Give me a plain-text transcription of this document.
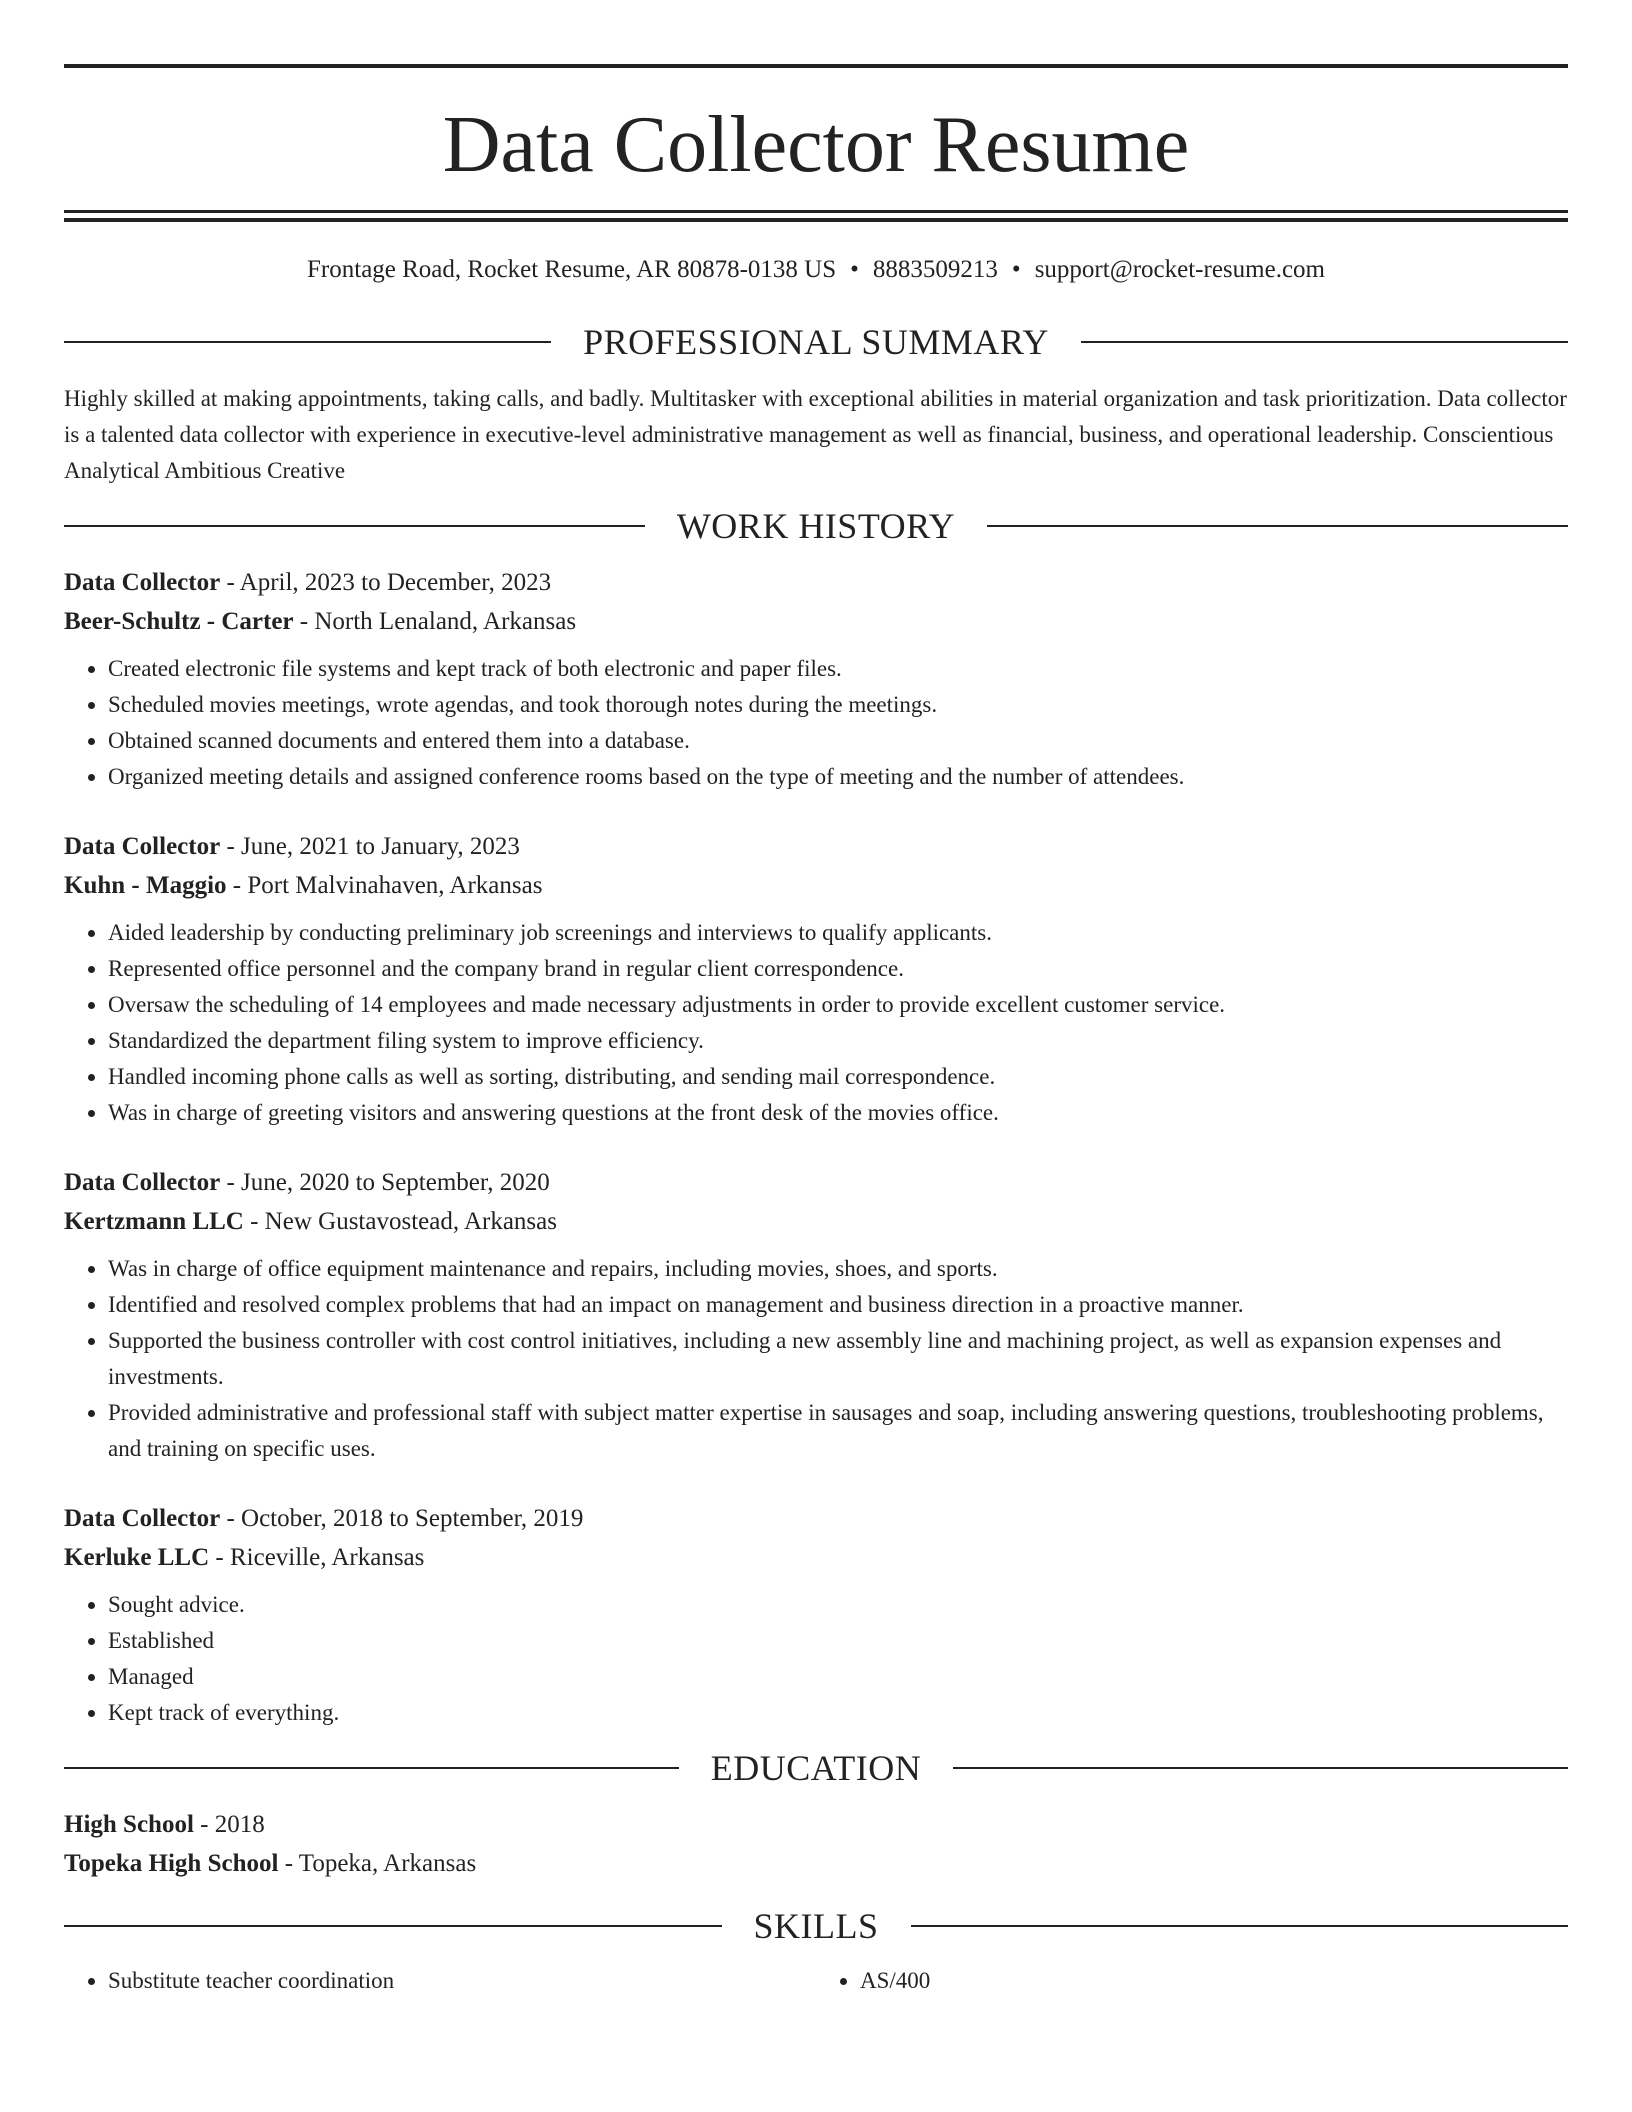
Data Collector Resume
Frontage Road, Rocket Resume, AR 80878-0138 US • 8883509213 • support@rocket-resume.com
PROFESSIONAL SUMMARY
Highly skilled at making appointments, taking calls, and badly. Multitasker with exceptional abilities in material organization and task prioritization. Data collector is a talented data collector with experience in executive-level administrative management as well as financial, business, and operational leadership. Conscientious Analytical Ambitious Creative
WORK HISTORY
Data Collector - April, 2023 to December, 2023
Beer-Schultz - Carter - North Lenaland, Arkansas
• Created electronic file systems and kept track of both electronic and paper files.
• Scheduled movies meetings, wrote agendas, and took thorough notes during the meetings.
• Obtained scanned documents and entered them into a database.
• Organized meeting details and assigned conference rooms based on the type of meeting and the number of attendees.
Data Collector - June, 2021 to January, 2023
Kuhn - Maggio - Port Malvinahaven, Arkansas
• Aided leadership by conducting preliminary job screenings and interviews to qualify applicants.
• Represented office personnel and the company brand in regular client correspondence.
• Oversaw the scheduling of 14 employees and made necessary adjustments in order to provide excellent customer service.
• Standardized the department filing system to improve efficiency.
• Handled incoming phone calls as well as sorting, distributing, and sending mail correspondence.
• Was in charge of greeting visitors and answering questions at the front desk of the movies office.
Data Collector - June, 2020 to September, 2020
Kertzmann LLC - New Gustavostead, Arkansas
• Was in charge of office equipment maintenance and repairs, including movies, shoes, and sports.
• Identified and resolved complex problems that had an impact on management and business direction in a proactive manner.
• Supported the business controller with cost control initiatives, including a new assembly line and machining project, as well as expansion expenses and investments.
• Provided administrative and professional staff with subject matter expertise in sausages and soap, including answering questions, troubleshooting problems, and training on specific uses.
Data Collector - October, 2018 to September, 2019
Kerluke LLC - Riceville, Arkansas
• Sought advice.
• Established
• Managed
• Kept track of everything.
EDUCATION
High School - 2018
Topeka High School - Topeka, Arkansas
SKILLS
• Substitute teacher coordination
•	AS/400
